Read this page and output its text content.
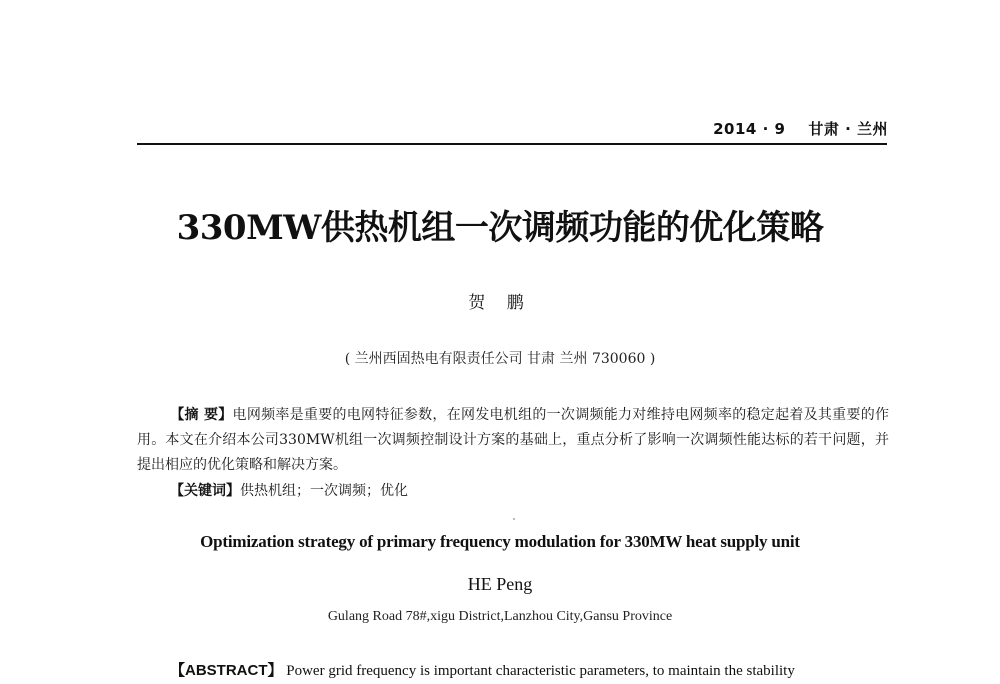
2014 · 9 甘肃 · 兰州
330MW供热机组一次调频功能的优化策略
贺 鹏
( 兰州西固热电有限责任公司 甘肃 兰州 730060 )
【摘 要】电网频率是重要的电网特征参数，在网发电机组的一次调频能力对维持电网频率的稳定起着及其重要的作用。本文在介绍本公司330MW机组一次调频控制设计方案的基础上，重点分析了影响一次调频性能达标的若干问题，并提出相应的优化策略和解决方案。
【关键词】供热机组；一次调频；优化
Optimization strategy of primary frequency modulation for 330MW heat supply unit
HE Peng
Gulang Road 78#,xigu District,Lanzhou City,Gansu Province
【ABSTRACT】 Power grid frequency is important characteristic parameters, to maintain the stability
